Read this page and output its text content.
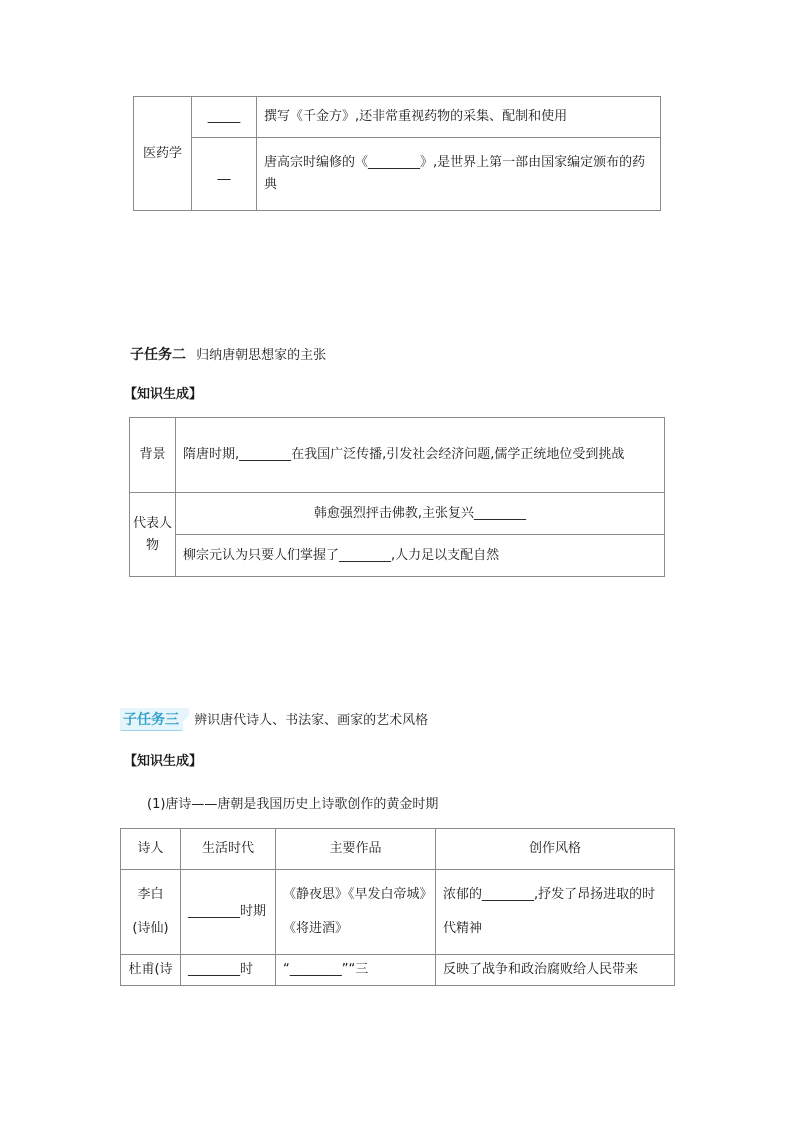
医药学	_____	撰写《千金方》,还非常重视药物的采集、配制和使用
	__	唐高宗时编修的《________》,是世界上第一部由国家编定颁布的药典
子任务二 归纳唐朝思想家的主张
【知识生成】
背景	隋唐时期,________在我国广泛传播,引发社会经济问题,儒学正统地位受到挑战
代表人物	韩愈强烈抨击佛教,主张复兴________
	柳宗元认为只要人们掌握了________,人力足以支配自然
子任务三 辨识唐代诗人、书法家、画家的艺术风格
【知识生成】
(1)唐诗——唐朝是我国历史上诗歌创作的黄金时期
诗人	生活时代	主要作品	创作风格
李白
(诗仙)	________时期	《静夜思》《早发白帝城》《将进酒》	浓郁的________,抒发了昂扬进取的时代精神
杜甫(诗	________时	“________”“三	反映了战争和政治腐败给人民带来
